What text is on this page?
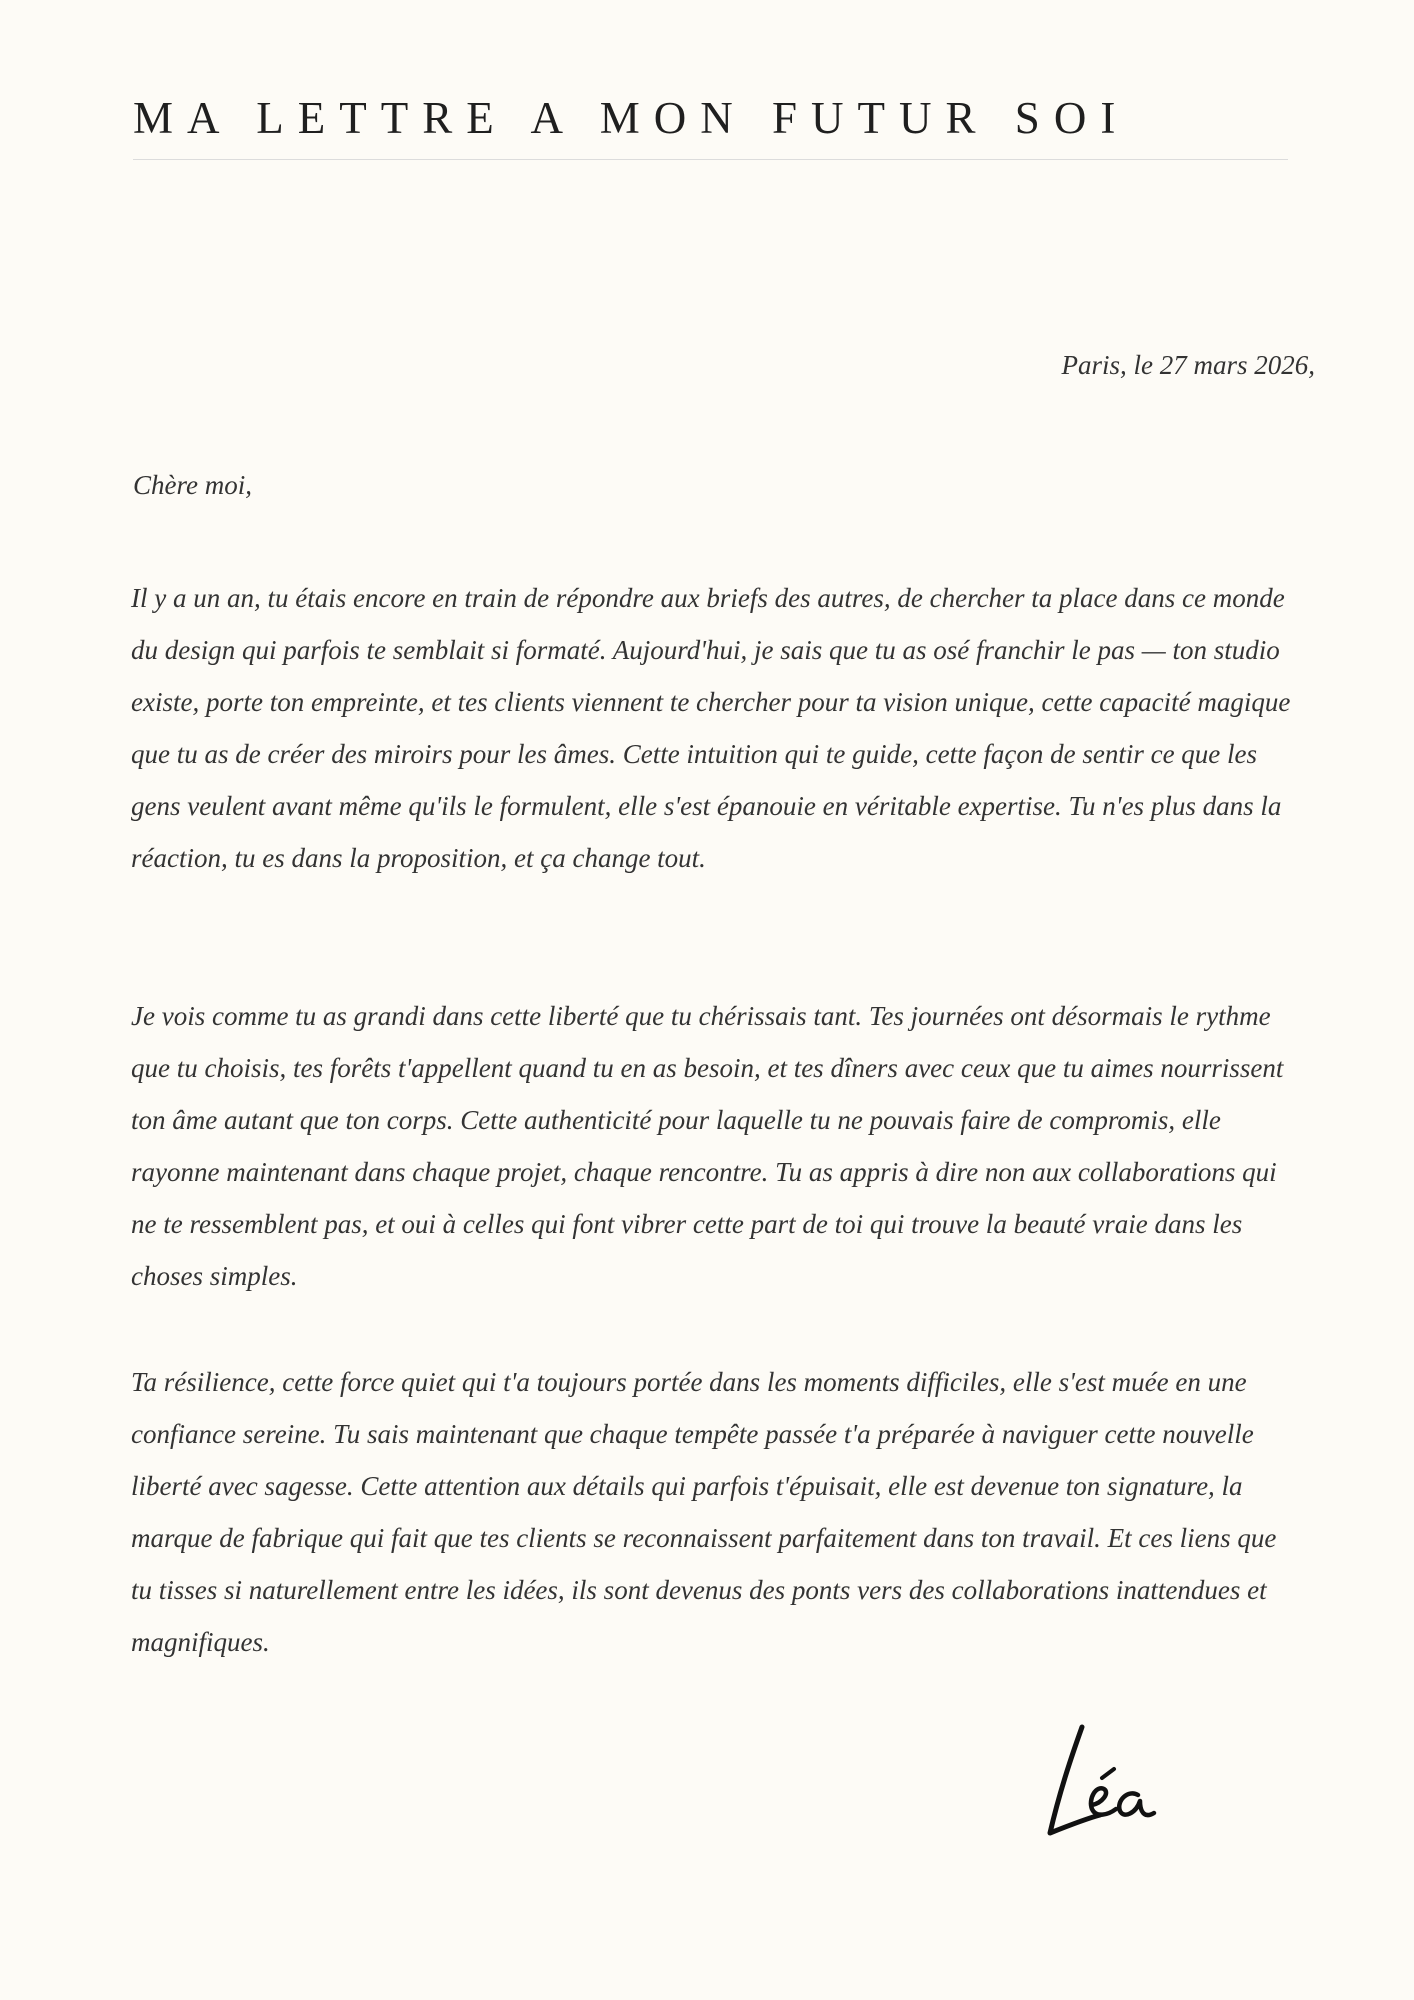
MA LETTRE A MON FUTUR SOI

Paris, le 27 mars 2026,

Chère moi,

Il y a un an, tu étais encore en train de répondre aux briefs des autres, de chercher ta place dans ce monde du design qui parfois te semblait si formaté. Aujourd'hui, je sais que tu as osé franchir le pas — ton studio existe, porte ton empreinte, et tes clients viennent te chercher pour ta vision unique, cette capacité magique que tu as de créer des miroirs pour les âmes. Cette intuition qui te guide, cette façon de sentir ce que les gens veulent avant même qu'ils le formulent, elle s'est épanouie en véritable expertise. Tu n'es plus dans la réaction, tu es dans la proposition, et ça change tout.

Je vois comme tu as grandi dans cette liberté que tu chérissais tant. Tes journées ont désormais le rythme que tu choisis, tes forêts t'appellent quand tu en as besoin, et tes dîners avec ceux que tu aimes nourrissent ton âme autant que ton corps. Cette authenticité pour laquelle tu ne pouvais faire de compromis, elle rayonne maintenant dans chaque projet, chaque rencontre. Tu as appris à dire non aux collaborations qui ne te ressemblent pas, et oui à celles qui font vibrer cette part de toi qui trouve la beauté vraie dans les choses simples.

Ta résilience, cette force quiet qui t'a toujours portée dans les moments difficiles, elle s'est muée en une confiance sereine. Tu sais maintenant que chaque tempête passée t'a préparée à naviguer cette nouvelle liberté avec sagesse. Cette attention aux détails qui parfois t'épuisait, elle est devenue ton signature, la marque de fabrique qui fait que tes clients se reconnaissent parfaitement dans ton travail. Et ces liens que tu tisses si naturellement entre les idées, ils sont devenus des ponts vers des collaborations inattendues et magnifiques.
